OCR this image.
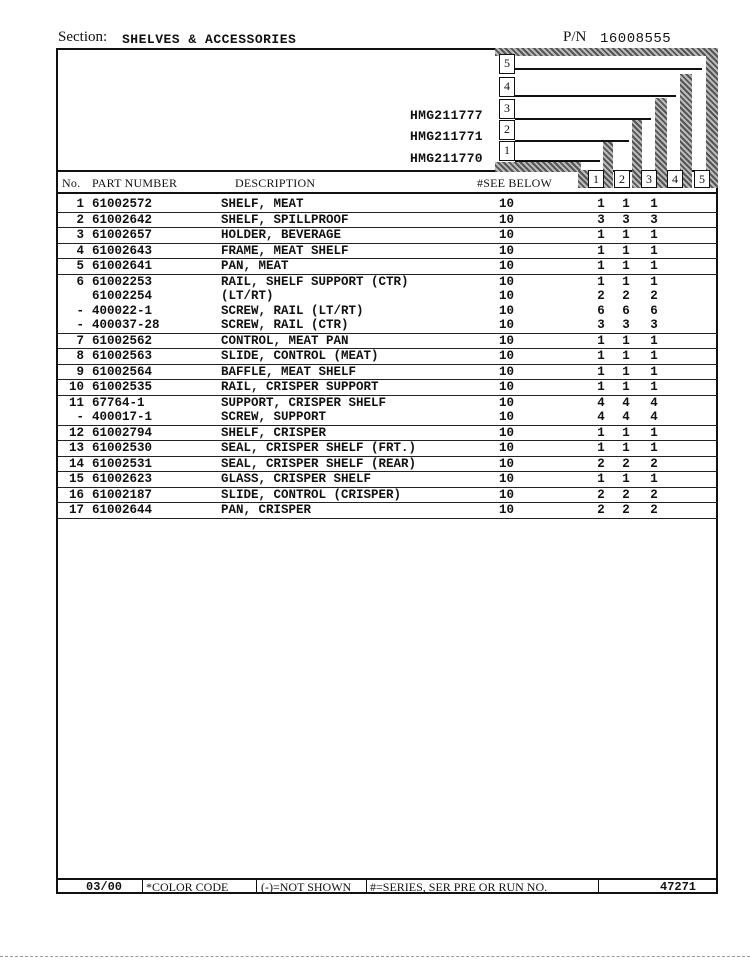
Section: SHELVES & ACCESSORIES	P/N 16008555
5
4
3
2
1
HMG211777
HMG211771
HMG211770
No. PART NUMBER	DESCRIPTION	#SEE BELOW	1	2	3	4	5
1 61002572	SHELF, MEAT	10	1 1 1
2 61002642	SHELF, SPILLPROOF	10	3 3 3
3 61002657	HOLDER, BEVERAGE	10	1 1 1
4 61002643	FRAME, MEAT SHELF	10	1 1 1
5 61002641	PAN, MEAT	10	1 1 1
6 61002253	RAIL, SHELF SUPPORT (CTR)	10	1 1 1
61002254	(LT/RT)	10	2 2 2
- 400022-1	SCREW, RAIL (LT/RT)	10	6 6 6
- 400037-28	SCREW, RAIL (CTR)	10	3 3 3
7 61002562	CONTROL, MEAT PAN	10	1 1 1
8 61002563	SLIDE, CONTROL (MEAT)	10	1 1 1
9 61002564	BAFFLE, MEAT SHELF	10	1 1 1
10 61002535	RAIL, CRISPER SUPPORT	10	1 1 1
11 67764-1	SUPPORT, CRISPER SHELF	10	4 4 4
- 400017-1	SCREW, SUPPORT	10	4 4 4
12 61002794	SHELF, CRISPER	10	1 1 1
13 61002530	SEAL, CRISPER SHELF (FRT.)	10	1 1 1
14 61002531	SEAL, CRISPER SHELF (REAR)	10	2 2 2
15 61002623	GLASS, CRISPER SHELF	10	1 1 1
16 61002187	SLIDE, CONTROL (CRISPER)	10	2 2 2
17 61002644	PAN, CRISPER	10	2 2 2
03/00 *COLOR CODE	(-)=NOT SHOWN #=SERIES, SER PRE OR RUN NO.	47271
